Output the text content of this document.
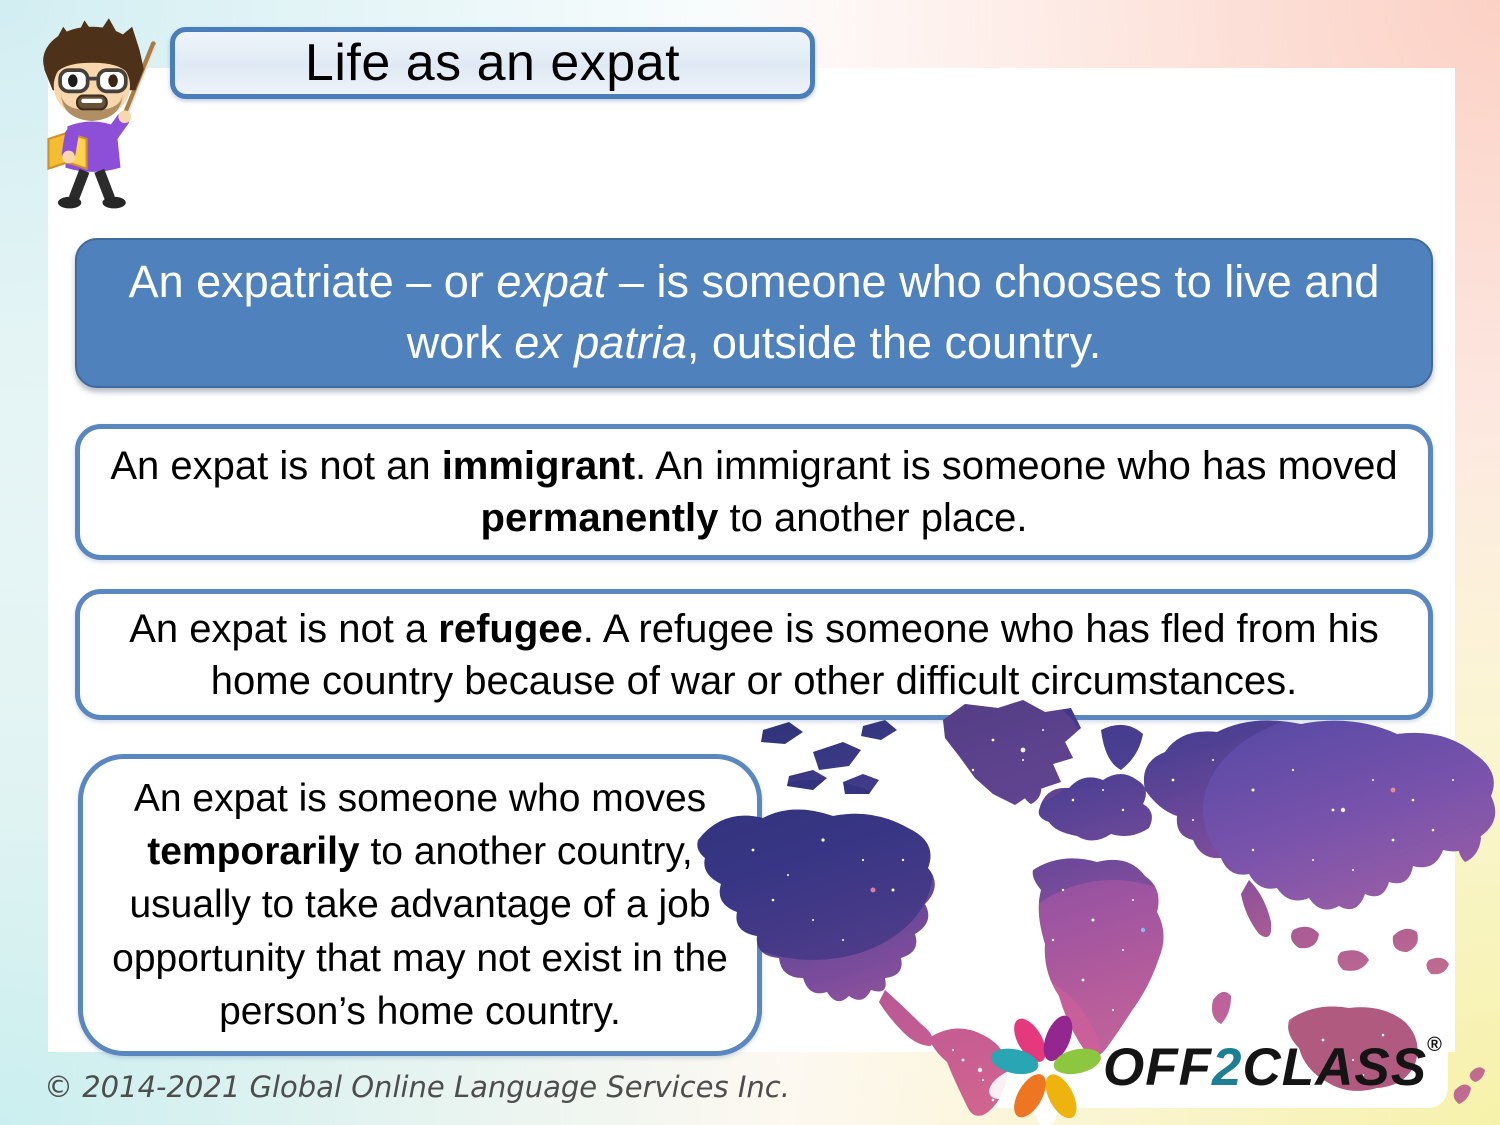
Life as an expat
An expatriate – or expat – is someone who chooses to live and work ex patria, outside the country.
An expat is not an immigrant. An immigrant is someone who has moved permanently to another place.
An expat is not a refugee. A refugee is someone who has fled from his home country because of war or other difficult circumstances.
An expat is someone who moves temporarily to another country, usually to take advantage of a job opportunity that may not exist in the person’s home country.
OFF2CLASS®
© 2014-2021 Global Online Language Services Inc.
